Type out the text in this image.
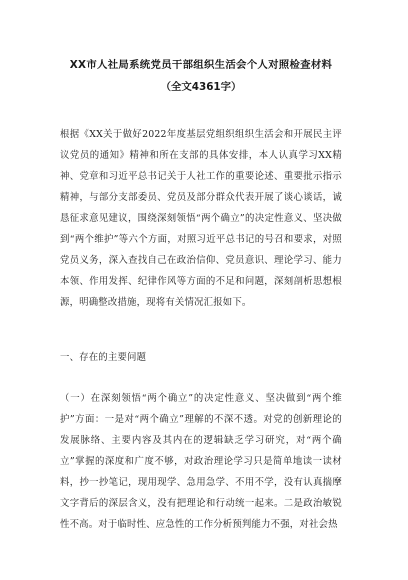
XX市人社局系统党员干部组织生活会个人对照检查材料
（全文4361字）

根据《XX关于做好2022年度基层党组织组织生活会和开展民主评议党员的通知》精神和所在支部的具体安排，本人认真学习XX精神、党章和习近平总书记关于人社工作的重要论述、重要批示指示精神，与部分支部委员、党员及部分群众代表开展了谈心谈话，诚恳征求意见建议，围绕深刻领悟“两个确立”的决定性意义、坚决做到“两个维护”等六个方面，对照习近平总书记的号召和要求，对照党员义务，深入查找自己在政治信仰、党员意识、理论学习、能力本领、作用发挥、纪律作风等方面的不足和问题，深刻剖析思想根源，明确整改措施，现将有关情况汇报如下。

一、存在的主要问题

（一）在深刻领悟“两个确立”的决定性意义、坚决做到“两个维护”方面：一是对“两个确立”理解的不深不透。对党的创新理论的发展脉络、主要内容及其内在的逻辑缺乏学习研究，对“两个确立”掌握的深度和广度不够，对政治理论学习只是简单地读一读材料，抄一抄笔记，现用现学、急用急学、不用不学，没有认真揣摩文字背后的深层含义，没有把理论和行动统一起来。二是政治敏锐性不高。对于临时性、应急性的工作分析预判能力不强，对社会热
